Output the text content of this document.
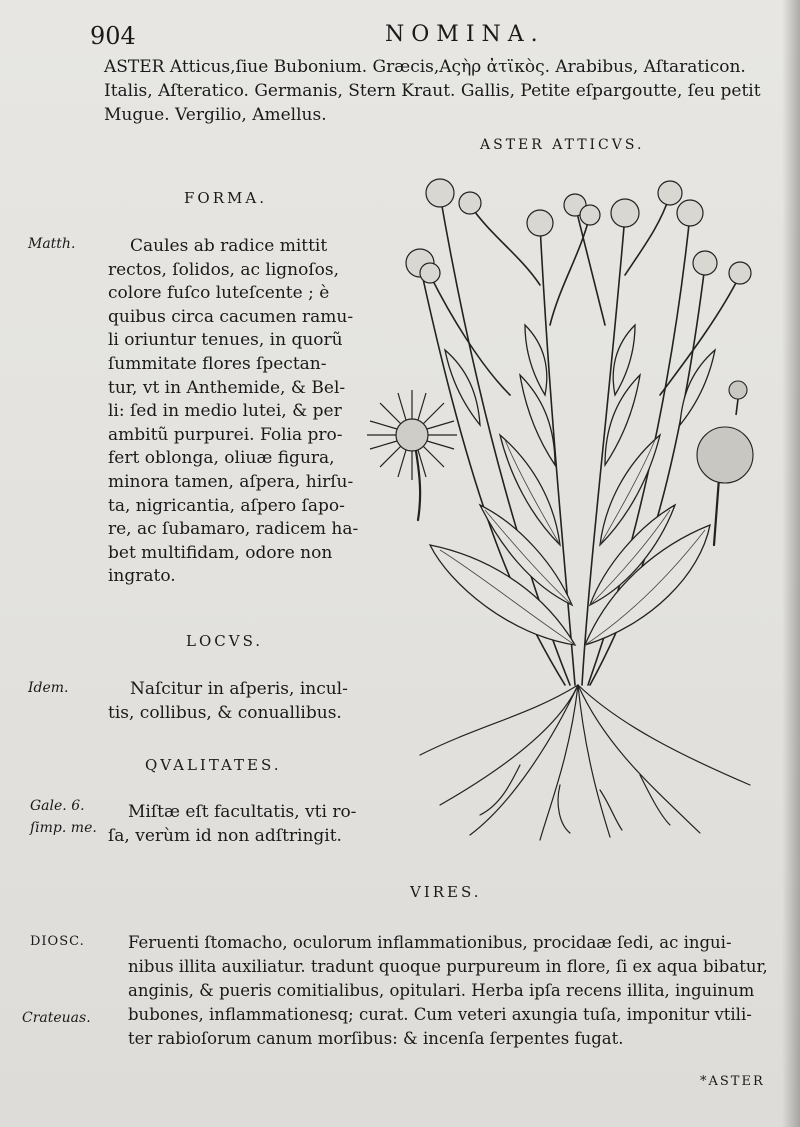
904	NOMINA.
ASTER Atticus,ſiue Bubonium. Græcis,Αςὴρ ἀτϊκὸς. Arabibus, Aſtaraticon.
Italis, Aſteratico. Germanis, Stern Kraut. Gallis, Petite eſpargoutte, ſeu petit
Mugue. Vergilio, Amellus.
ASTER ATTICVS.
FORMA.
Matth.	Caules ab radice mittit
rectos, ſolidos, ac lignoſos,
colore fuſco luteſcente ; è
quibus circa cacumen ramu-
li oriuntur tenues, in quorũ
ſummitate flores ſpectan-
tur, vt in Anthemide, & Bel-
li: ſed in medio lutei, & per
ambitũ purpurei. Folia pro-
fert oblonga, oliuæ figura,
minora tamen, aſpera, hirſu-
ta, nigricantia, aſpero ſapo-
re, ac ſubamaro, radicem ha-
bet multifidam, odore non
ingrato.
LOCVS.
Idem.	Naſcitur in aſperis, incul-
tis, collibus, & conuallibus.
QVALITATES.
Gale. 6.
ſimp. me.
Miſtæ eſt facultatis, vti ro-
ſa, verùm id non adſtringit.
VIRES.
DIOSC.
Crateuas.
Feruenti ſtomacho, oculorum inflammationibus, procidaæ ſedi, ac ingui-
nibus illita auxiliatur. tradunt quoque purpureum in flore, ſi ex aqua bibatur,
anginis, & pueris comitialibus, opitulari. Herba ipſa recens illita, inguinum
bubones, inflammationesq; curat. Cum veteri axungia tuſa, imponitur vtili-
ter rabioſorum canum morſibus: & incenſa ſerpentes fugat.
*ASTER
